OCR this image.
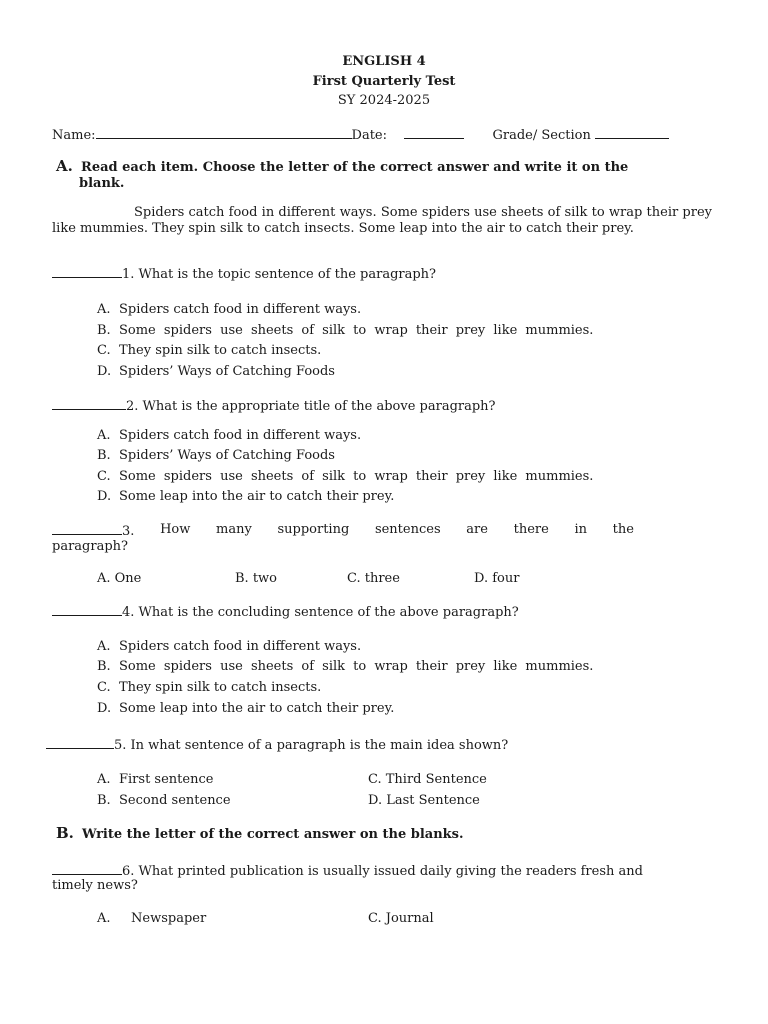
ENGLISH 4
First Quarterly Test
SY 2024-2025
Name:	Date:	Grade/ Section
A. Read each item. Choose the letter of the correct answer and write it on the
blank.
Spiders catch food in different ways. Some spiders use sheets of silk to wrap their prey like mummies. They spin silk to catch insects. Some leap into the air to catch their prey.
1. What is the topic sentence of the paragraph?
A. Spiders catch food in different ways.
B. Some spiders use sheets of silk to wrap their prey like mummies.
C. They spin silk to catch insects.
D. Spiders’ Ways of Catching Foods
2. What is the appropriate title of the above paragraph?
A. Spiders catch food in different ways.
B. Spiders’ Ways of Catching Foods
C. Some spiders use sheets of silk to wrap their prey like mummies.
D. Some leap into the air to catch their prey.
3. How many supporting sentences are there in the
paragraph?
A. One	B. two	C. three	D. four
4. What is the concluding sentence of the above paragraph?
A. Spiders catch food in different ways.
B. Some spiders use sheets of silk to wrap their prey like mummies.
C. They spin silk to catch insects.
D. Some leap into the air to catch their prey.
5. In what sentence of a paragraph is the main idea shown?
A. First sentence	C. Third Sentence
B. Second sentence	D. Last Sentence
B. Write the letter of the correct answer on the blanks.
6. What printed publication is usually issued daily giving the readers fresh and
timely news?
A. Newspaper	C. Journal
